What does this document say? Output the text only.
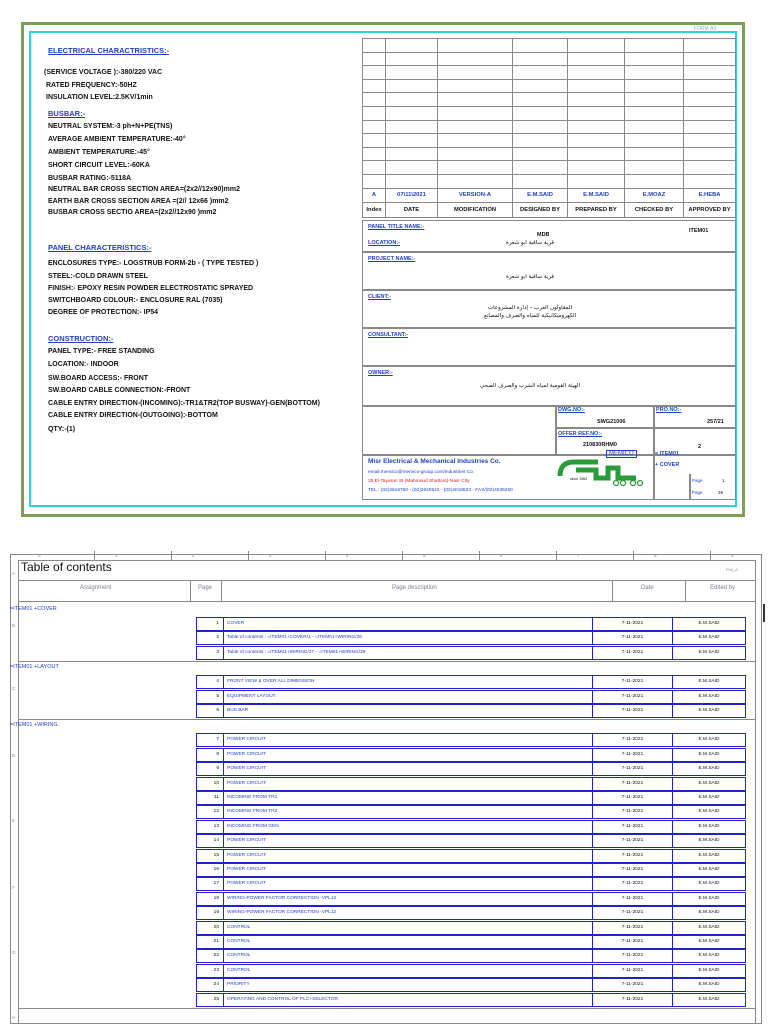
FORM.A0
ELECTRICAL CHARACTRISTICS:-
(SERVICE VOLTAGE ):-380/220 VAC
RATED FREQUENCY:-50HZ
INSULATION LEVEL:2.5KV/1min
BUSBAR:-
NEUTRAL SYSTEM:-3 ph+N+PE(TNS)
AVERAGE AMBIENT TEMPERATURE:-40°
AMBIENT TEMPERATURE:-45°
SHORT CIRCUIT LEVEL:-60KA
BUSBAR RATING:-5118A
NEUTRAL BAR CROSS SECTION AREA=(2x2//12x90)mm2
EARTH BAR CROSS SECTION AREA =(2// 12x66 )mm2
BUSBAR CROSS SECTIO AREA=(2x2//12x90 )mm2
PANEL CHARACTERISTICS:-
ENCLOSURES TYPE:- LOGSTRUB FORM-2b - ( TYPE TESTED )
STEEL:-COLD DRAWN STEEL
FINISH:- EPOXY RESIN POWDER ELECTROSTATIC SPRAYED
SWITCHBOARD COLOUR:- ENCLOSURE RAL (7035)
DEGREE OF PROTECTION:- IP54
CONSTRUCTION:-
PANEL TYPE:- FREE STANDING
LOCATION:- INDOOR
SW.BOARD ACCESS:- FRONT
SW.BOARD CABLE CONNECTION:-FRONT
CABLE ENTRY DIRECTION-(INCOMING):-TR1&TR2(TOP BUSWAY)-GEN(BOTTOM)
CABLE ENTRY DIRECTION-(OUTGOING):-BOTTOM
QTY:-(1)

A	07\11\2021	VERSION-A	E.M.SAID	E.M.SAID	E.MOAZ	E.HEBA
Index	DATE	MODIFICATION	DESIGNED BY	PREPARED BY	CHECKED BY	APPROVED BY
PANEL TITLE NAME:-
MDB
ITEM01
LOCATION:-	قرية ساقية ابو شعرة
PROJECT NAME:-
قرية ساقية ابو شعرة
CLIENT:-
المقاولون العرب – إدارة المشروعات
الكهروميكانيكية للمياه والصرف والمصانع
CONSULTANT:-
OWNER:-
الهيئة القومية لمياه الشرب والصرف الصحي
DWG.NO:-
SWG21006
PRO.NO:-
257/21
OFFER REF.NO:-
210830RHM0	2
= ITEM01
+ COVER
Page	1
Page	39
Misr Electrical & Mechanical Industries Co.
email:memico@memico-group.com/industries Co.
25 El-Tayaran St (Mahmoud Shaltoot)-Nasr City
TEL.: (02)2616760 - (02)2620642 - (02)4018523 - FAX/(02)4035260
MEMICO
since 1984
0	1	2	3	4	5	6	7	8	9
A
B
C
D
E
F
G
H
Table of contents	F06_A
Assignment	Page	Page description	Date	Edited by
=ITEM01 +COVER
1	COVER	7-11-2021	E.M.SAID
2	Table of contents : =ITEM01+COVER/1 - =ITEM01+WIRING/26	7-11-2021	E.M.SAID
3	Table of contents : =ITEM01+WIRING/27 - =ITEM01+WIRING/39	7-11-2021	E.M.SAID
=ITEM01 +LAYOUT
4	FRONT VIEW & OVER ALL DIMENSION	7-11-2021	E.M.SAID
5	EQUIPMENT LAYOUT	7-11-2021	E.M.SAID
6	BUS BAR	7-11-2021	E.M.SAID
=ITEM01 +WIRING
7	POWER CIRCUIT	7-11-2021	E.M.SAID
8	POWER CIRCUIT	7-11-2021	E.M.SAID
9	POWER CIRCUIT	7-11-2021	E.M.SAID
10	POWER CIRCUIT	7-11-2021	E.M.SAID
11	INCOMING FROM TR1	7-11-2021	E.M.SAID
12	INCOMING FROM TR2	7-11-2021	E.M.SAID
13	INCOMING FROM GEN	7-11-2021	E.M.SAID
14	POWER CIRCUIT	7-11-2021	E.M.SAID
15	POWER CIRCUIT	7-11-2021	E.M.SAID
16	POWER CIRCUIT	7-11-2021	E.M.SAID
17	POWER CIRCUIT	7-11-2021	E.M.SAID
18	WIRING-POWER FACTOR CORRECTION -VPL12	7-11-2021	E.M.SAID
19	WIRING-POWER FACTOR CORRECTION -VPL12	7-11-2021	E.M.SAID
20	CONTROL	7-11-2021	E.M.SAID
21	CONTROL	7-11-2021	E.M.SAID
22	CONTROL	7-11-2021	E.M.SAID
23	CONTROL	7-11-2021	E.M.SAID
24	PRIORITY	7-11-2021	E.M.SAID
25	OPERATING AND CONTROL OF PLC+SELECTOR	7-11-2021	E.M.SAID
